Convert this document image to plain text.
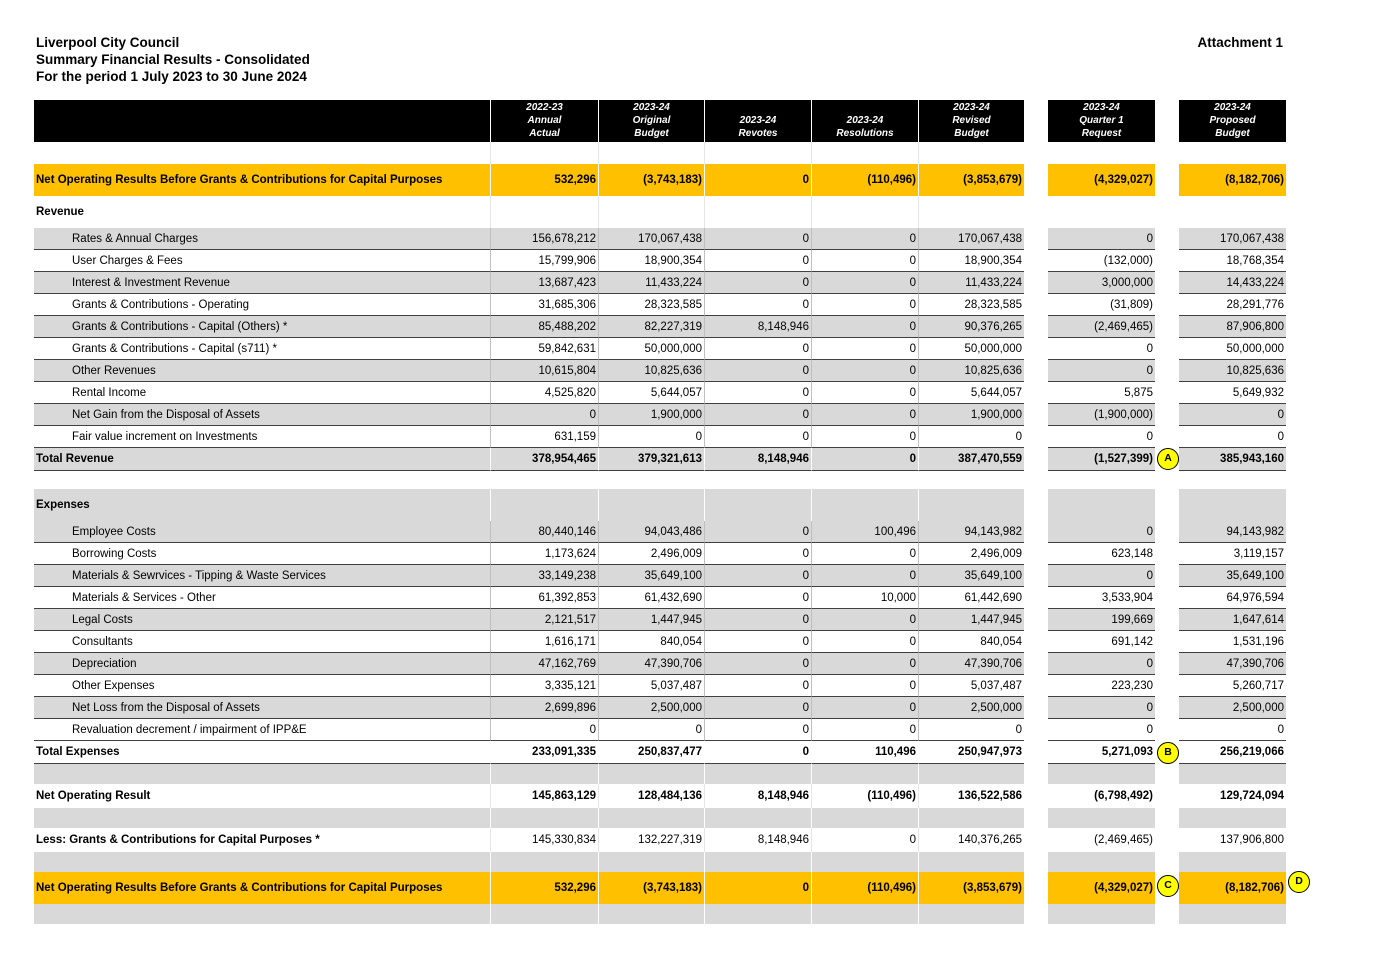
Liverpool City Council
Summary Financial Results - Consolidated
For the period 1 July 2023 to 30 June 2024
Attachment 1
	2022-23
Annual
Actual	2023-24
Original
Budget	2023-24
Revotes	2023-24
Resolutions	2023-24
Revised
Budget		2023-24
Quarter 1
Request		2023-24
Proposed
Budget

Net Operating Results Before Grants & Contributions for Capital Purposes	532,296	(3,743,183)	0	(110,496)	(3,853,679)		(4,329,027)		(8,182,706)
Revenue									
Rates & Annual Charges	156,678,212	170,067,438	0	0	170,067,438		0		170,067,438
User Charges & Fees	15,799,906	18,900,354	0	0	18,900,354		(132,000)		18,768,354
Interest & Investment Revenue	13,687,423	11,433,224	0	0	11,433,224		3,000,000		14,433,224
Grants & Contributions - Operating	31,685,306	28,323,585	0	0	28,323,585		(31,809)		28,291,776
Grants & Contributions - Capital (Others) *	85,488,202	82,227,319	8,148,946	0	90,376,265		(2,469,465)		87,906,800
Grants & Contributions - Capital (s711) *	59,842,631	50,000,000	0	0	50,000,000		0		50,000,000
Other Revenues	10,615,804	10,825,636	0	0	10,825,636		0		10,825,636
Rental Income	4,525,820	5,644,057	0	0	5,644,057		5,875		5,649,932
Net Gain from the Disposal of Assets	0	1,900,000	0	0	1,900,000		(1,900,000)		0
Fair value increment on Investments	631,159	0	0	0	0		0		0
Total Revenue	378,954,465	379,321,613	8,148,946	0	387,470,559		(1,527,399) A		385,943,160

Expenses									
Employee Costs	80,440,146	94,043,486	0	100,496	94,143,982		0		94,143,982
Borrowing Costs	1,173,624	2,496,009	0	0	2,496,009		623,148		3,119,157
Materials & Sewrvices - Tipping & Waste Services	33,149,238	35,649,100	0	0	35,649,100		0		35,649,100
Materials & Services - Other	61,392,853	61,432,690	0	10,000	61,442,690		3,533,904		64,976,594
Legal Costs	2,121,517	1,447,945	0	0	1,447,945		199,669		1,647,614
Consultants	1,616,171	840,054	0	0	840,054		691,142		1,531,196
Depreciation	47,162,769	47,390,706	0	0	47,390,706		0		47,390,706
Other Expenses	3,335,121	5,037,487	0	0	5,037,487		223,230		5,260,717
Net Loss from the Disposal of Assets	2,699,896	2,500,000	0	0	2,500,000		0		2,500,000
Revaluation decrement / impairment of IPP&E	0	0	0	0	0		0		0
Total Expenses	233,091,335	250,837,477	0	110,496	250,947,973		5,271,093 B		256,219,066

Net Operating Result	145,863,129	128,484,136	8,148,946	(110,496)	136,522,586		(6,798,492)		129,724,094

Less: Grants & Contributions for Capital Purposes *	145,330,834	132,227,319	8,148,946	0	140,376,265		(2,469,465)		137,906,800

Net Operating Results Before Grants & Contributions for Capital Purposes	532,296	(3,743,183)	0	(110,496)	(3,853,679)		(4,329,027) C		(8,182,706)
D
